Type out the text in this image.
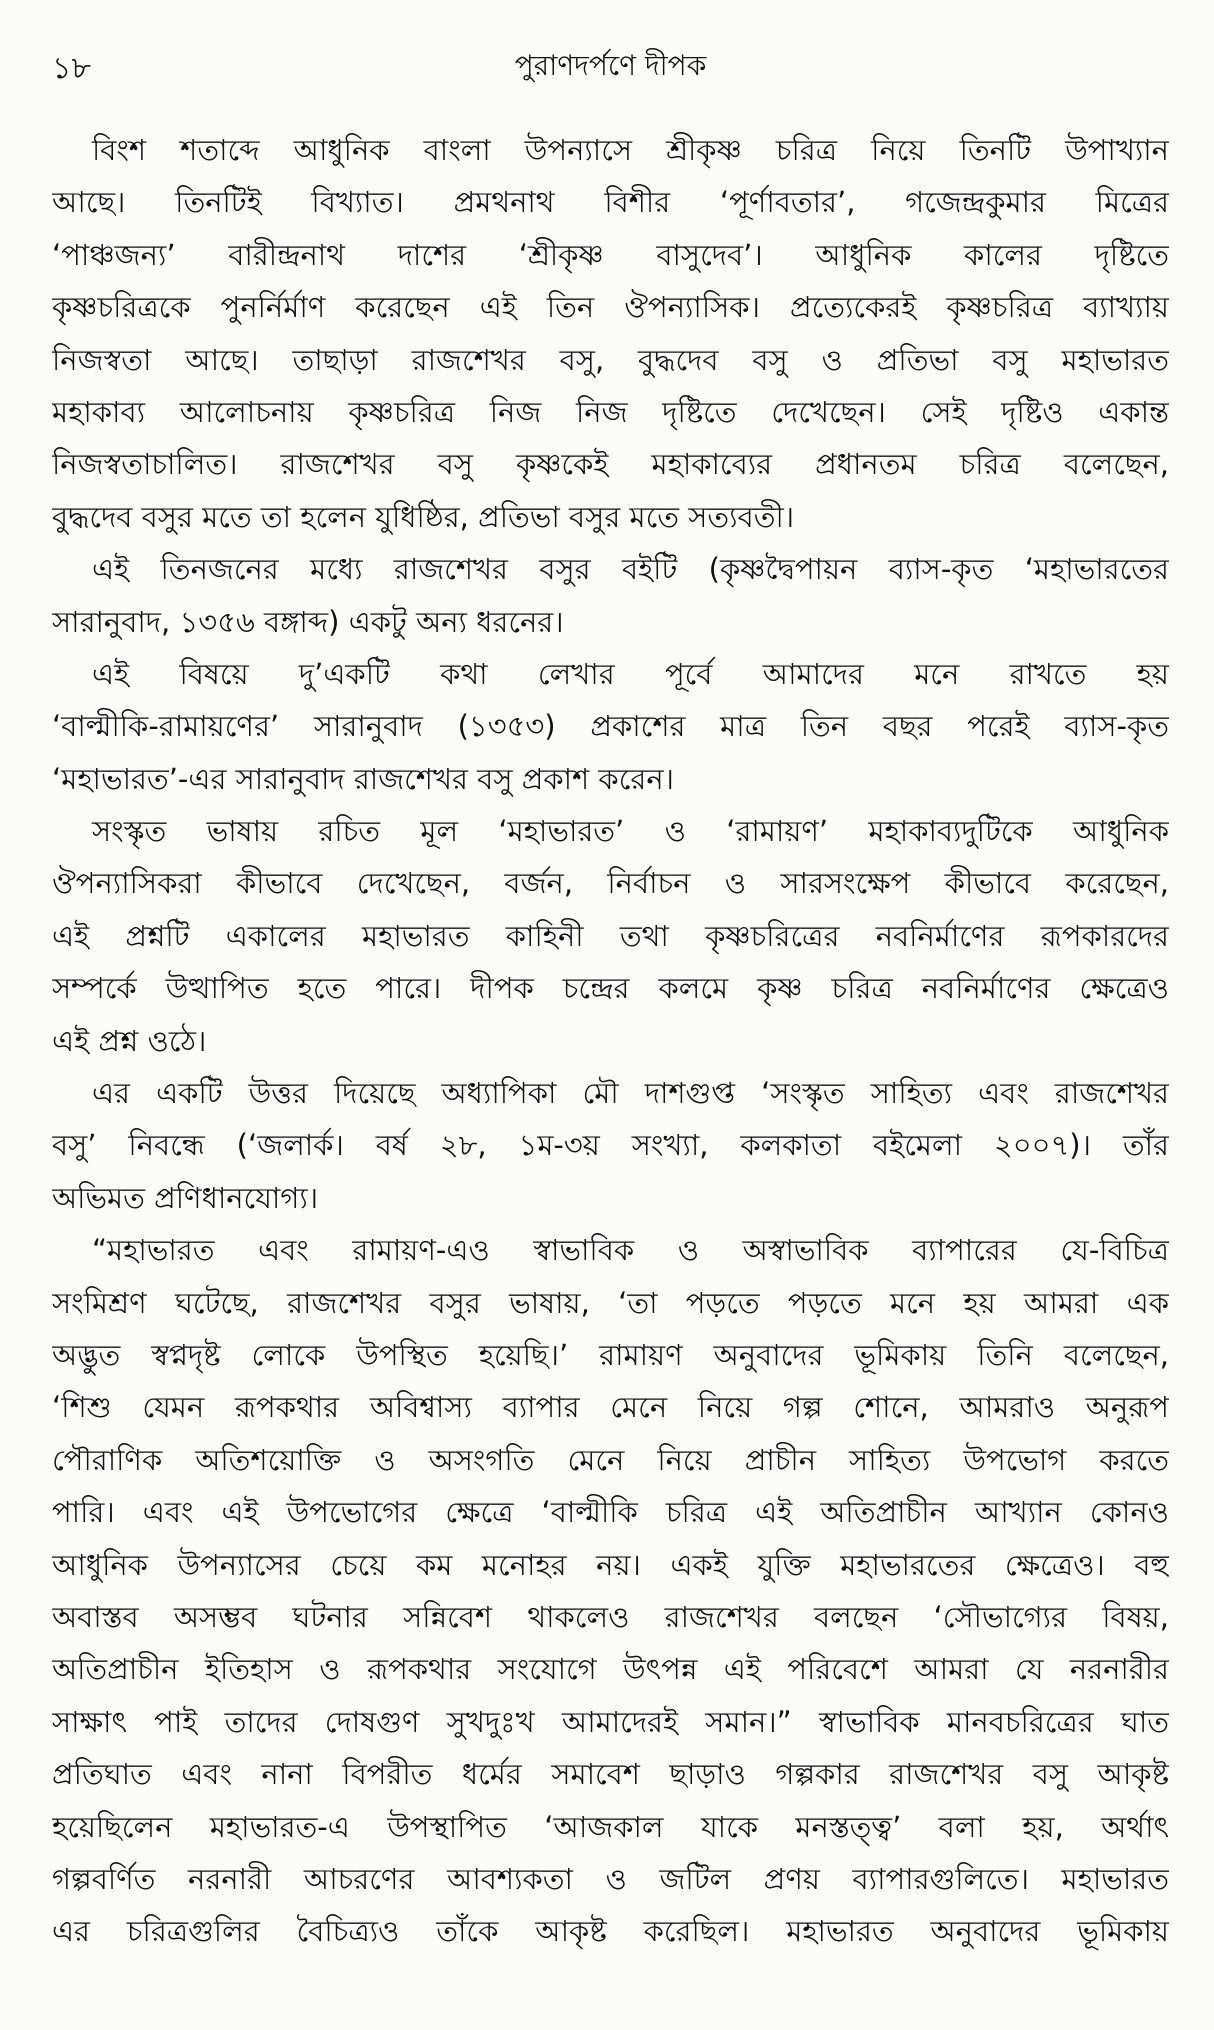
১৮	পুরাণদর্পণে দীপক
বিংশ শতাব্দে আধুনিক বাংলা উপন্যাসে শ্রীকৃষ্ণ চরিত্র নিয়ে তিনটি উপাখ্যান
আছে। তিনটিই বিখ্যাত। প্রমথনাথ বিশীর ‘পূর্ণাবতার’, গজেন্দ্রকুমার মিত্রের
‘পাঞ্চজন্য’ বারীন্দ্রনাথ দাশের ‘শ্রীকৃষ্ণ বাসুদেব’। আধুনিক কালের দৃষ্টিতে
কৃষ্ণচরিত্রকে পুনর্নির্মাণ করেছেন এই তিন ঔপন্যাসিক। প্রত্যেকেরই কৃষ্ণচরিত্র ব্যাখ্যায়
নিজস্বতা আছে। তাছাড়া রাজশেখর বসু, বুদ্ধদেব বসু ও প্রতিভা বসু মহাভারত
মহাকাব্য আলোচনায় কৃষ্ণচরিত্র নিজ নিজ দৃষ্টিতে দেখেছেন। সেই দৃষ্টিও একান্ত
নিজস্বতাচালিত। রাজশেখর বসু কৃষ্ণকেই মহাকাব্যের প্রধানতম চরিত্র বলেছেন,
বুদ্ধদেব বসুর মতে তা হলেন যুধিষ্ঠির, প্রতিভা বসুর মতে সত্যবতী।
এই তিনজনের মধ্যে রাজশেখর বসুর বইটি (কৃষ্ণদ্বৈপায়ন ব্যাস-কৃত ‘মহাভারতের
সারানুবাদ, ১৩৫৬ বঙ্গাব্দ) একটু অন্য ধরনের।
এই বিষয়ে দু’একটি কথা লেখার পূর্বে আমাদের মনে রাখতে হয়
‘বাল্মীকি-রামায়ণের’ সারানুবাদ (১৩৫৩) প্রকাশের মাত্র তিন বছর পরেই ব্যাস-কৃত
‘মহাভারত’-এর সারানুবাদ রাজশেখর বসু প্রকাশ করেন।
সংস্কৃত ভাষায় রচিত মূল ‘মহাভারত’ ও ‘রামায়ণ’ মহাকাব্যদুটিকে আধুনিক
ঔপন্যাসিকরা কীভাবে দেখেছেন, বর্জন, নির্বাচন ও সারসংক্ষেপ কীভাবে করেছেন,
এই প্রশ্নটি একালের মহাভারত কাহিনী তথা কৃষ্ণচরিত্রের নবনির্মাণের রূপকারদের
সম্পর্কে উত্থাপিত হতে পারে। দীপক চন্দ্রের কলমে কৃষ্ণ চরিত্র নবনির্মাণের ক্ষেত্রেও
এই প্রশ্ন ওঠে।
এর একটি উত্তর দিয়েছে অধ্যাপিকা মৌ দাশগুপ্ত ‘সংস্কৃত সাহিত্য এবং রাজশেখর
বসু’ নিবন্ধে (‘জলার্ক। বর্ষ ২৮, ১ম-৩য় সংখ্যা, কলকাতা বইমেলা ২০০৭)। তাঁর
অভিমত প্রণিধানযোগ্য।
“মহাভারত এবং রামায়ণ-এও স্বাভাবিক ও অস্বাভাবিক ব্যাপারের যে-বিচিত্র
সংমিশ্রণ ঘটেছে, রাজশেখর বসুর ভাষায়, ‘তা পড়তে পড়তে মনে হয় আমরা এক
অদ্ভুত স্বপ্নদৃষ্ট লোকে উপস্থিত হয়েছি।’ রামায়ণ অনুবাদের ভূমিকায় তিনি বলেছেন,
‘শিশু যেমন রূপকথার অবিশ্বাস্য ব্যাপার মেনে নিয়ে গল্প শোনে, আমরাও অনুরূপ
পৌরাণিক অতিশয়োক্তি ও অসংগতি মেনে নিয়ে প্রাচীন সাহিত্য উপভোগ করতে
পারি। এবং এই উপভোগের ক্ষেত্রে ‘বাল্মীকি চরিত্র এই অতিপ্রাচীন আখ্যান কোনও
আধুনিক উপন্যাসের চেয়ে কম মনোহর নয়। একই যুক্তি মহাভারতের ক্ষেত্রেও। বহু
অবাস্তব অসম্ভব ঘটনার সন্নিবেশ থাকলেও রাজশেখর বলছেন ‘সৌভাগ্যের বিষয়,
অতিপ্রাচীন ইতিহাস ও রূপকথার সংযোগে উৎপন্ন এই পরিবেশে আমরা যে নরনারীর
সাক্ষাৎ পাই তাদের দোষগুণ সুখদুঃখ আমাদেরই সমান।” স্বাভাবিক মানবচরিত্রের ঘাত
প্রতিঘাত এবং নানা বিপরীত ধর্মের সমাবেশ ছাড়াও গল্পকার রাজশেখর বসু আকৃষ্ট
হয়েছিলেন মহাভারত-এ উপস্থাপিত ‘আজকাল যাকে মনস্তত্ত্ব’ বলা হয়, অর্থাৎ
গল্পবর্ণিত নরনারী আচরণের আবশ্যকতা ও জটিল প্রণয় ব্যাপারগুলিতে। মহাভারত
এর চরিত্রগুলির বৈচিত্র্যও তাঁকে আকৃষ্ট করেছিল। মহাভারত অনুবাদের ভূমিকায়
